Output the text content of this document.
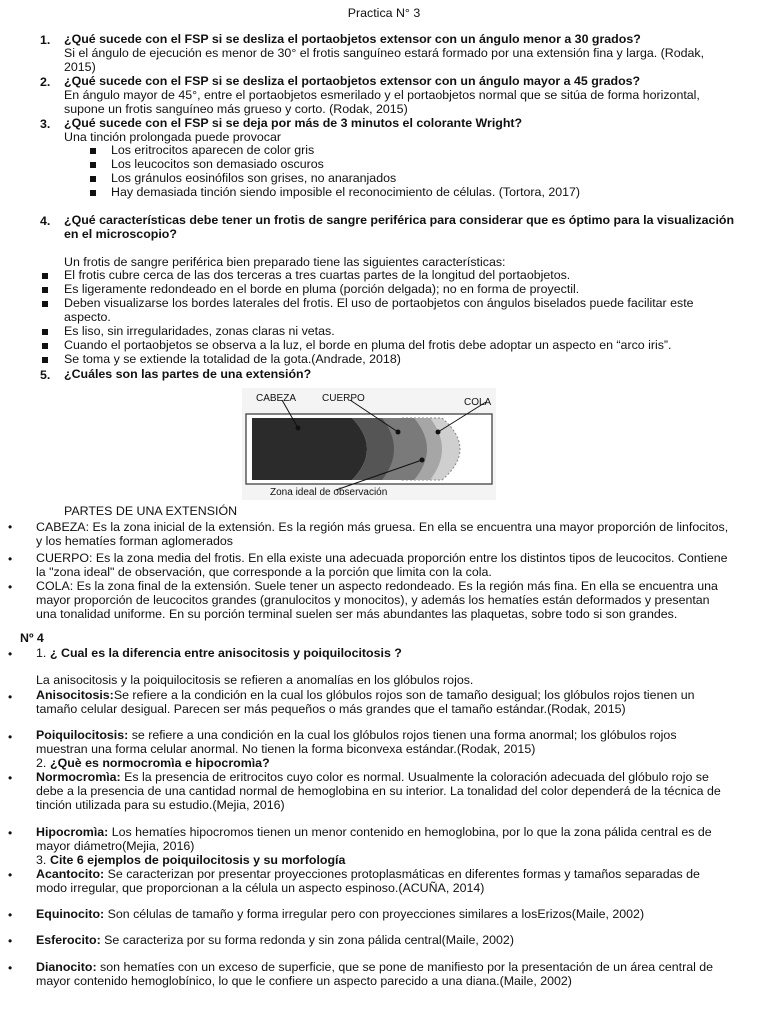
Practica N° 3
1. ¿Qué sucede con el FSP si se desliza el portaobjetos extensor con un ángulo menor a 30 grados?
Si el ángulo de ejecución es menor de 30° el frotis sanguíneo estará formado por una extensión fina y larga. (Rodak,
2015)
2. ¿Qué sucede con el FSP si se desliza el portaobjetos extensor con un ángulo mayor a 45 grados?
En ángulo mayor de 45°, entre el portaobjetos esmerilado y el portaobjetos normal que se sitúa de forma horizontal,
supone un frotis sanguíneo más grueso y corto. (Rodak, 2015)
3. ¿Qué sucede con el FSP si se deja por más de 3 minutos el colorante Wright?
Una tinción prolongada puede provocar
Los eritrocitos aparecen de color gris
Los leucocitos son demasiado oscuros
Los gránulos eosinófilos son grises, no anaranjados
Hay demasiada tinción siendo imposible el reconocimiento de células. (Tortora, 2017)
4. ¿Qué características debe tener un frotis de sangre periférica para considerar que es óptimo para la visualización
en el microscopio?
Un frotis de sangre periférica bien preparado tiene las siguientes características:
El frotis cubre cerca de las dos terceras a tres cuartas partes de la longitud del portaobjetos.
Es ligeramente redondeado en el borde en pluma (porción delgada); no en forma de proyectil.
Deben visualizarse los bordes laterales del frotis. El uso de portaobjetos con ángulos biselados puede facilitar este
aspecto.
Es liso, sin irregularidades, zonas claras ni vetas.
Cuando el portaobjetos se observa a la luz, el borde en pluma del frotis debe adoptar un aspecto en “arco iris”.
Se toma y se extiende la totalidad de la gota.(Andrade, 2018)
5. ¿Cuáles son las partes de una extensión?
CABEZA	CUERPO	COLA
Zona ideal de observación
PARTES DE UNA EXTENSIÓN
• CABEZA: Es la zona inicial de la extensión. Es la región más gruesa. En ella se encuentra una mayor proporción de linfocitos,
y los hematíes forman aglomerados
• CUERPO: Es la zona media del frotis. En ella existe una adecuada proporción entre los distintos tipos de leucocitos. Contiene
la "zona ideal" de observación, que corresponde a la porción que limita con la cola.
• COLA: Es la zona final de la extensión. Suele tener un aspecto redondeado. Es la región más fina. En ella se encuentra una
mayor proporción de leucocitos grandes (granulocitos y monocitos), y además los hematíes están deformados y presentan
una tonalidad uniforme. En su porción terminal suelen ser más abundantes las plaquetas, sobre todo si son grandes.
Nº 4
• 1. ¿ Cual es la diferencia entre anisocitosis y poiquilocitosis ?
La anisocitosis y la poiquilocitosis se refieren a anomalías en los glóbulos rojos.
• Anisocitosis:Se refiere a la condición en la cual los glóbulos rojos son de tamaño desigual; los glóbulos rojos tienen un
tamaño celular desigual. Parecen ser más pequeños o más grandes que el tamaño estándar.(Rodak, 2015)
• Poiquilocitosis: se refiere a una condición en la cual los glóbulos rojos tienen una forma anormal; los glóbulos rojos
muestran una forma celular anormal. No tienen la forma biconvexa estándar.(Rodak, 2015)
2. ¿Què es normocromìa e hipocromìa?
• Normocromìa: Es la presencia de eritrocitos cuyo color es normal. Usualmente la coloración adecuada del glóbulo rojo se
debe a la presencia de una cantidad normal de hemoglobina en su interior. La tonalidad del color dependerá de la técnica de
tinción utilizada para su estudio.(Mejia, 2016)
• Hipocromìa: Los hematíes hipocromos tienen un menor contenido en hemoglobina, por lo que la zona pálida central es de
mayor diámetro(Mejia, 2016)
3. Cite 6 ejemplos de poiquilocitosis y su morfología
• Acantocito: Se caracterizan por presentar proyecciones protoplasmáticas en diferentes formas y tamaños separadas de
modo irregular, que proporcionan a la célula un aspecto espinoso.(ACUÑA, 2014)
• Equinocito: Son células de tamaño y forma irregular pero con proyecciones similares a losErizos(Maile, 2002)
• Esferocito: Se caracteriza por su forma redonda y sin zona pálida central(Maile, 2002)
• Dianocito: son hematíes con un exceso de superficie, que se pone de manifiesto por la presentación de un área central de
mayor contenido hemoglobínico, lo que le confiere un aspecto parecido a una diana.(Maile, 2002)
